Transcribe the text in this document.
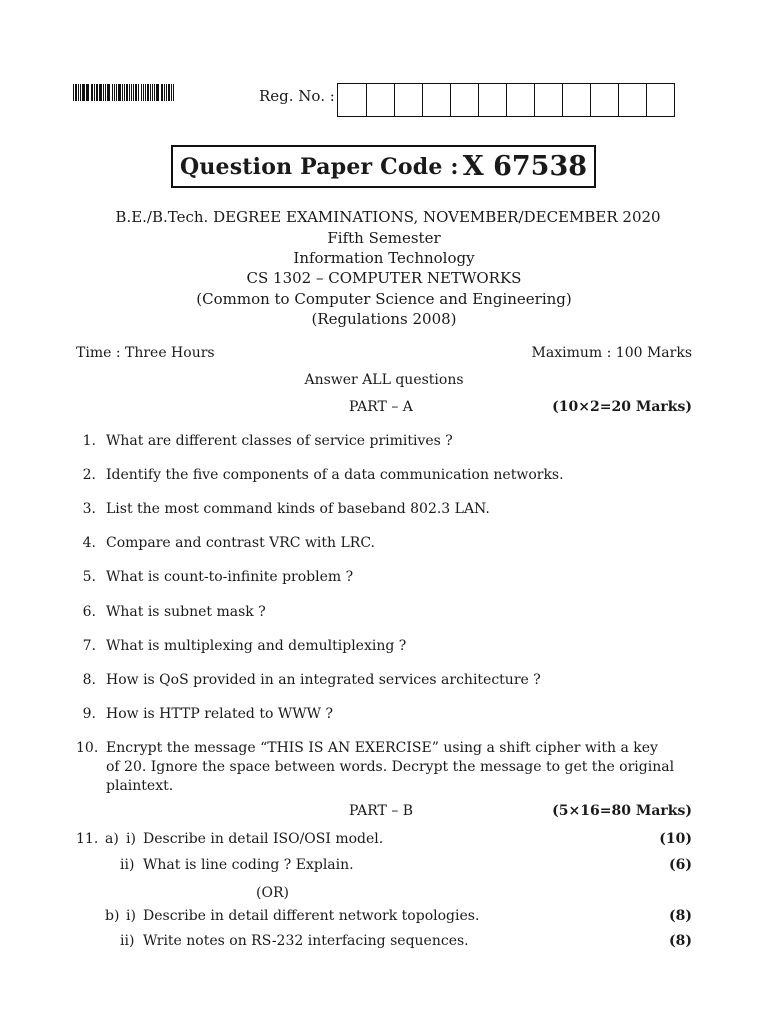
Reg. No. :
Question Paper Code : X 67538
B.E./B.Tech. DEGREE EXAMINATIONS, NOVEMBER/DECEMBER 2020
Fifth Semester
Information Technology
CS 1302 – COMPUTER NETWORKS
(Common to Computer Science and Engineering)
(Regulations 2008)
Time : Three Hours	Maximum : 100 Marks
Answer ALL questions
PART – A	(10×2=20 Marks)
1. What are different classes of service primitives ?
2. Identify the five components of a data communication networks.
3. List the most command kinds of baseband 802.3 LAN.
4. Compare and contrast VRC with LRC.
5. What is count-to-infinite problem ?
6. What is subnet mask ?
7. What is multiplexing and demultiplexing ?
8. How is QoS provided in an integrated services architecture ?
9. How is HTTP related to WWW ?
10. Encrypt the message “THIS IS AN EXERCISE” using a shift cipher with a key
of 20. Ignore the space between words. Decrypt the message to get the original
plaintext.
PART – B	(5×16=80 Marks)
11. a) i) Describe in detail ISO/OSI model.	(10)
ii) What is line coding ? Explain.	(6)
(OR)
b) i) Describe in detail different network topologies.	(8)
ii) Write notes on RS-232 interfacing sequences.	(8)
